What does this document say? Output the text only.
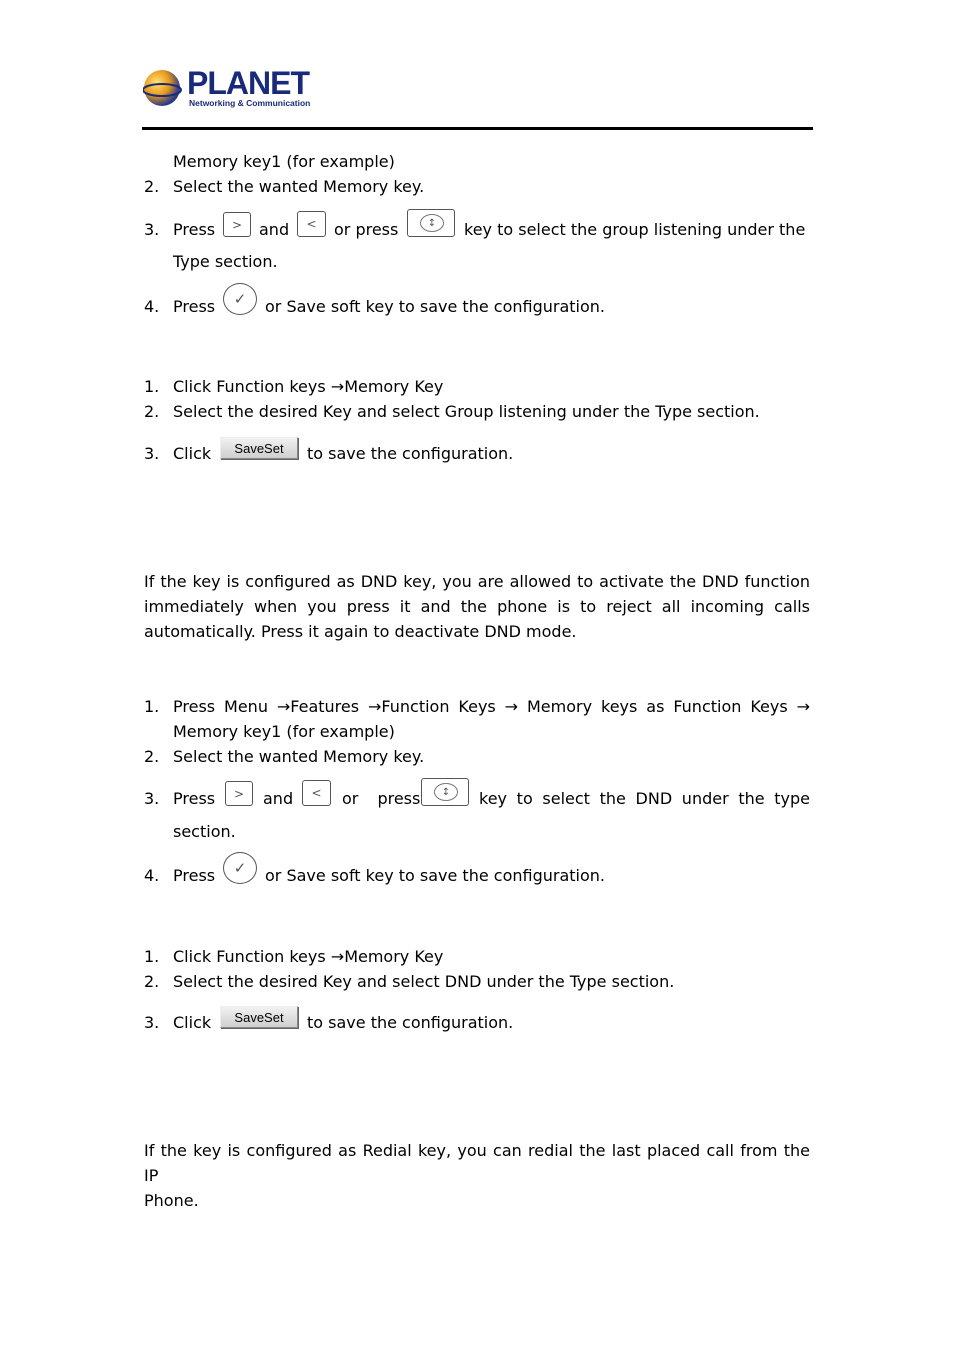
PLANET
Networking & Communication
Memory key1 (for example)
2. Select the wanted Memory key.
3. Press	>	and	<	or press	↕	key to select the group listening under the
Type section.
4. Press	✓	or Save soft key to save the configuration.
1. Click Function keys →Memory Key
2. Select the desired Key and select Group listening under the Type section.
3. Click	SaveSet	to save the configuration.
If the key is configured as DND key, you are allowed to activate the DND function
immediately when you press it and the phone is to reject all incoming calls
automatically. Press it again to deactivate DND mode.
1. Press Menu →Features →Function Keys → Memory keys as Function Keys →
Memory key1 (for example)
2. Select the wanted Memory key.
3. Press	>	and	<	or press	↕	key to select the DND under the type
section.
4. Press	✓	or Save soft key to save the configuration.
1. Click Function keys →Memory Key
2. Select the desired Key and select DND under the Type section.
3. Click	SaveSet	to save the configuration.
If the key is configured as Redial key, you can redial the last placed call from the IP
Phone.
